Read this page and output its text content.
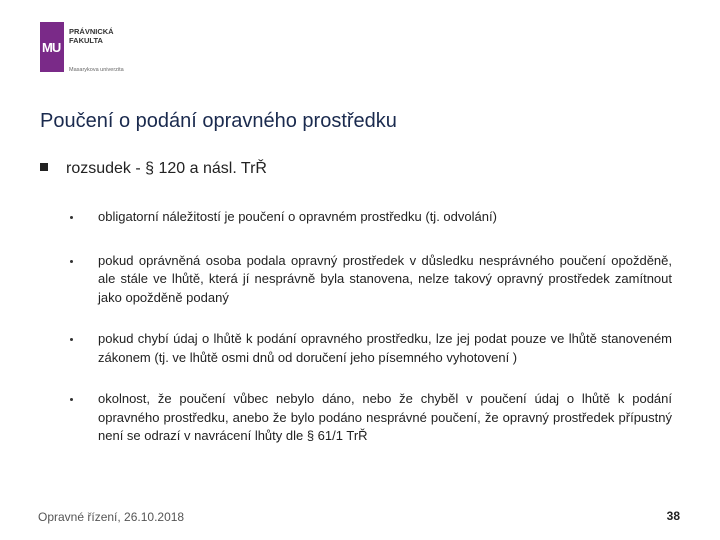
MU
PRÁVNICKÁ
FAKULTA
Masarykova univerzita
Poučení o podání opravného prostředku
rozsudek - § 120 a násl. TrŘ
obligatorní náležitostí je poučení o opravném prostředku (tj. odvolání)
pokud oprávněná osoba podala opravný prostředek v důsledku nesprávného poučení opožděně, ale stále ve lhůtě, která jí nesprávně byla stanovena, nelze takový opravný prostředek zamítnout jako opožděně podaný
pokud chybí údaj o lhůtě k podání opravného prostředku, lze jej podat pouze ve lhůtě stanoveném zákonem (tj. ve lhůtě osmi dnů od doručení jeho písemného vyhotovení )
okolnost, že poučení vůbec nebylo dáno, nebo že chyběl v poučení údaj o lhůtě k podání opravného prostředku, anebo že bylo podáno nesprávné poučení, že opravný prostředek přípustný není se odrazí v navrácení lhůty dle § 61/1 TrŘ
Opravné řízení, 26.10.2018	38
